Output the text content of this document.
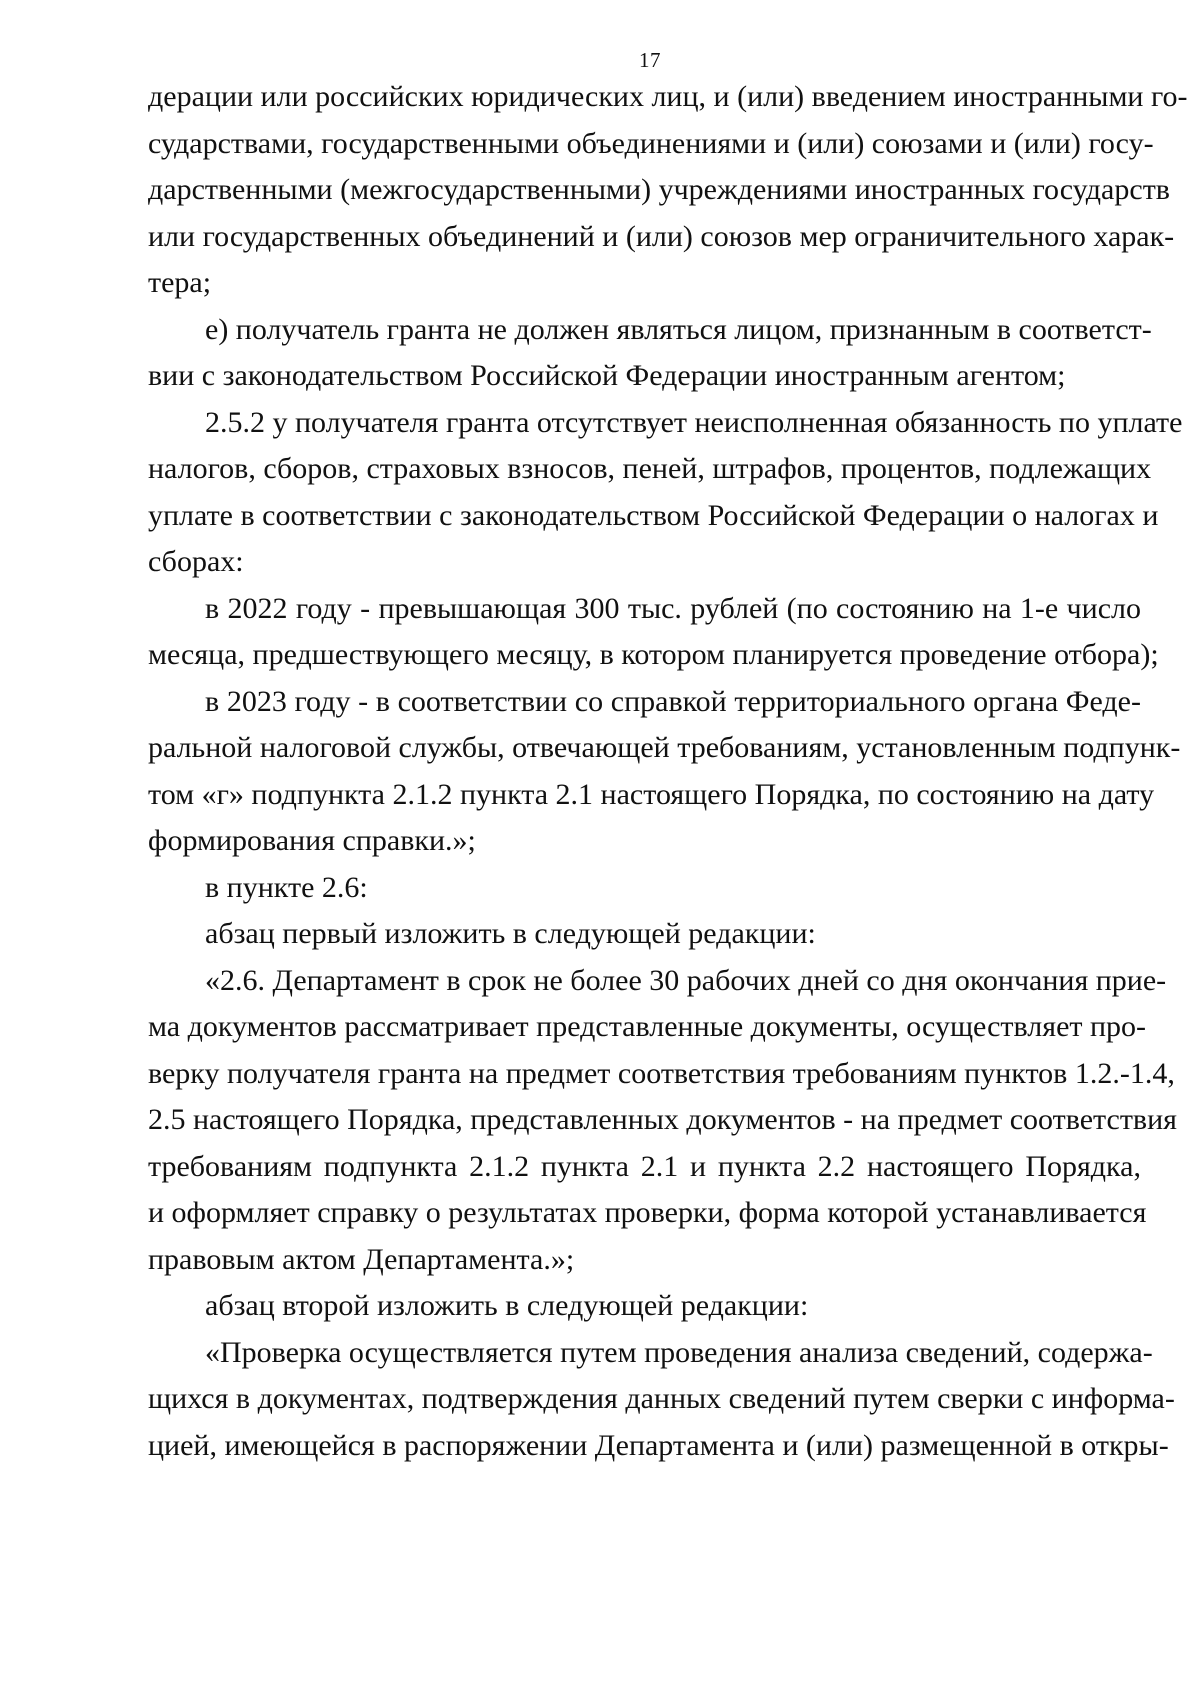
17
дерации или российских юридических лиц, и (или) введением иностранными го-
сударствами, государственными объединениями и (или) союзами и (или) госу-
дарственными (межгосударственными) учреждениями иностранных государств
или государственных объединений и (или) союзов мер ограничительного харак-
тера;
е) получатель гранта не должен являться лицом, признанным в соответст-
вии с законодательством Российской Федерации иностранным агентом;
2.5.2 у получателя гранта отсутствует неисполненная обязанность по уплате
налогов, сборов, страховых взносов, пеней, штрафов, процентов, подлежащих
уплате в соответствии с законодательством Российской Федерации о налогах и
сборах:
в 2022 году - превышающая 300 тыс. рублей (по состоянию на 1-е число
месяца, предшествующего месяцу, в котором планируется проведение отбора);
в 2023 году - в соответствии со справкой территориального органа Феде-
ральной налоговой службы, отвечающей требованиям, установленным подпунк-
том «г» подпункта 2.1.2 пункта 2.1 настоящего Порядка, по состоянию на дату
формирования справки.»;
в пункте 2.6:
абзац первый изложить в следующей редакции:
«2.6. Департамент в срок не более 30 рабочих дней со дня окончания прие-
ма документов рассматривает представленные документы, осуществляет про-
верку получателя гранта на предмет соответствия требованиям пунктов 1.2.-1.4,
2.5 настоящего Порядка, представленных документов - на предмет соответствия
требованиям подпункта 2.1.2 пункта 2.1 и пункта 2.2 настоящего Порядка,
и оформляет справку о результатах проверки, форма которой устанавливается
правовым актом Департамента.»;
абзац второй изложить в следующей редакции:
«Проверка осуществляется путем проведения анализа сведений, содержа-
щихся в документах, подтверждения данных сведений путем сверки с информа-
цией, имеющейся в распоряжении Департамента и (или) размещенной в откры-
